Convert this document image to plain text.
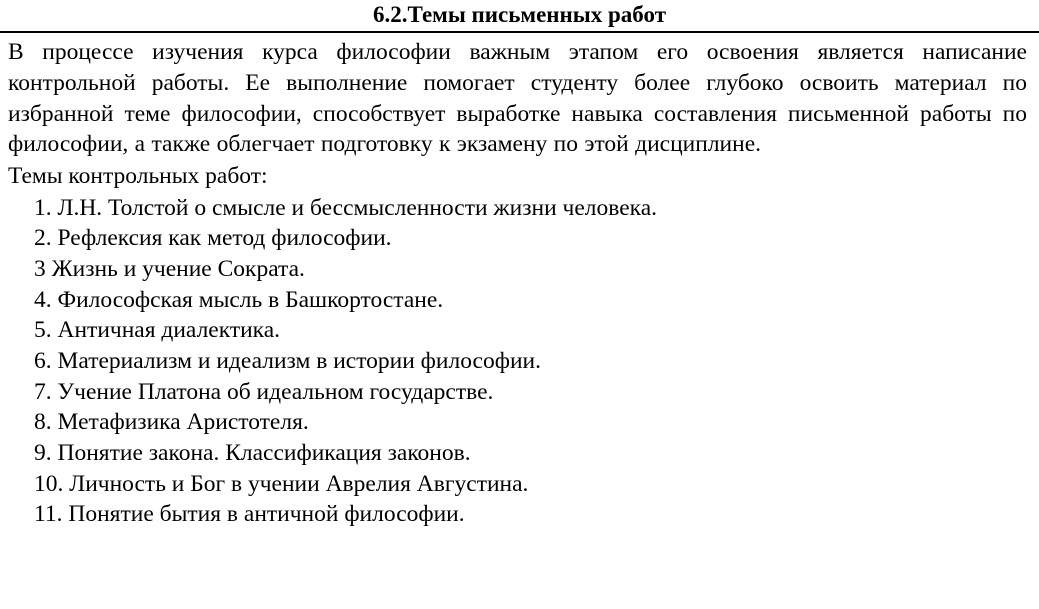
6.2.Темы письменных работ

В процессе изучения курса философии важным этапом его освоения является написание контрольной работы. Ее выполнение помогает студенту более глубоко освоить материал по избранной теме философии, способствует выработке навыка составления письменной работы по философии, а также облегчает подготовку к экзамену по этой дисциплине.

Темы контрольных работ:

1. Л.Н. Толстой о смысле и бессмысленности жизни человека.
2. Рефлексия как метод философии.
3 Жизнь и учение Сократа.
4. Философская мысль в Башкортостане.
5. Античная диалектика.
6. Материализм и идеализм в истории философии.
7. Учение Платона об идеальном государстве.
8. Метафизика Аристотеля.
9. Понятие закона. Классификация законов.
10. Личность и Бог в учении Аврелия Августина.
11. Понятие бытия в античной философии.
